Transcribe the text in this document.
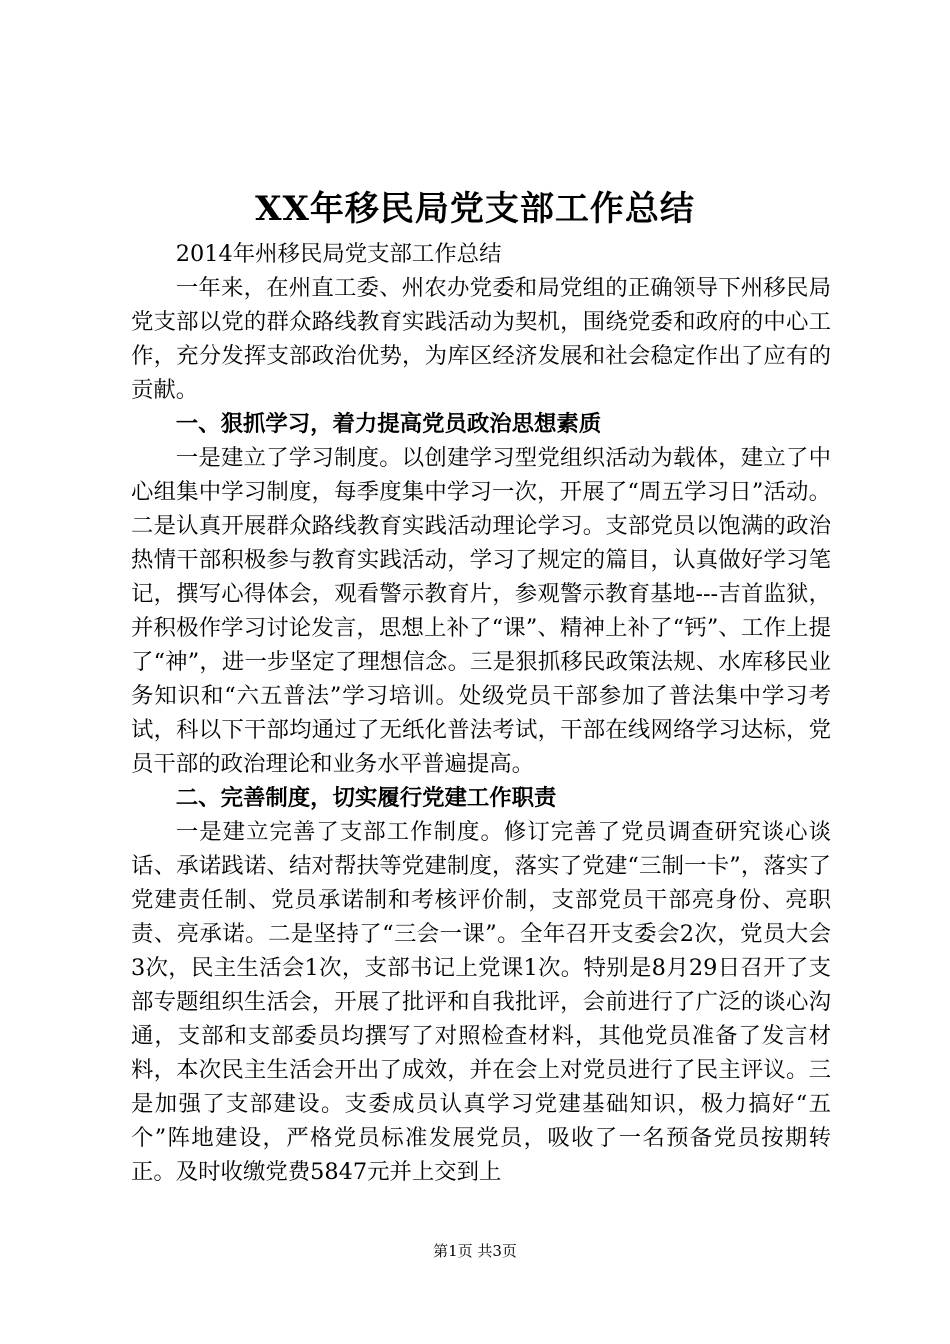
XX年移民局党支部工作总结

2014年州移民局党支部工作总结

一年来，在州直工委、州农办党委和局党组的正确领导下州移民局党支部以党的群众路线教育实践活动为契机，围绕党委和政府的中心工作，充分发挥支部政治优势，为库区经济发展和社会稳定作出了应有的贡献。

一、狠抓学习，着力提高党员政治思想素质

一是建立了学习制度。以创建学习型党组织活动为载体，建立了中心组集中学习制度，每季度集中学习一次，开展了“周五学习日”活动。二是认真开展群众路线教育实践活动理论学习。支部党员以饱满的政治热情干部积极参与教育实践活动，学习了规定的篇目，认真做好学习笔记，撰写心得体会，观看警示教育片，参观警示教育基地---吉首监狱，并积极作学习讨论发言，思想上补了“课”、精神上补了“钙”、工作上提了“神”，进一步坚定了理想信念。三是狠抓移民政策法规、水库移民业务知识和“六五普法”学习培训。处级党员干部参加了普法集中学习考试，科以下干部均通过了无纸化普法考试，干部在线网络学习达标，党员干部的政治理论和业务水平普遍提高。

二、完善制度，切实履行党建工作职责

一是建立完善了支部工作制度。修订完善了党员调查研究谈心谈话、承诺践诺、结对帮扶等党建制度，落实了党建“三制一卡”，落实了党建责任制、党员承诺制和考核评价制，支部党员干部亮身份、亮职责、亮承诺。二是坚持了“三会一课”。全年召开支委会2次，党员大会3次，民主生活会1次，支部书记上党课1次。特别是8月29日召开了支部专题组织生活会，开展了批评和自我批评，会前进行了广泛的谈心沟通，支部和支部委员均撰写了对照检查材料，其他党员准备了发言材料，本次民主生活会开出了成效，并在会上对党员进行了民主评议。三是加强了支部建设。支委成员认真学习党建基础知识，极力搞好“五个”阵地建设，严格党员标准发展党员，吸收了一名预备党员按期转正。及时收缴党费5847元并上交到上

第1页 共3页
